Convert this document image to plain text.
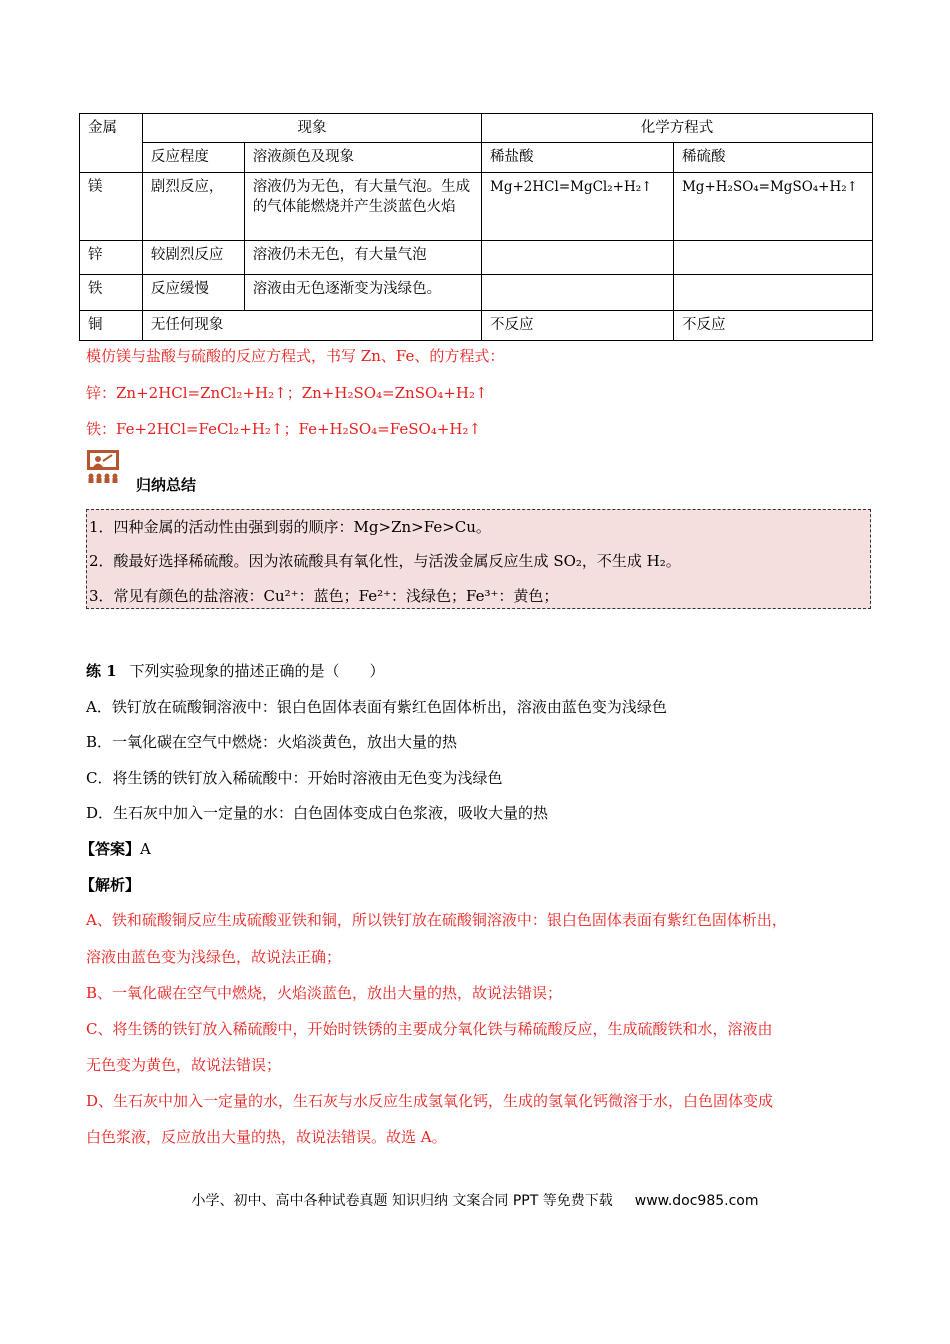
金属	现象		化学方程式	
	反应程度	溶液颜色及现象	稀盐酸	稀硫酸
镁	剧烈反应，	溶液仍为无色，有大量气泡。生成的气体能燃烧并产生淡蓝色火焰	Mg+2HCl=MgCl₂+H₂↑	Mg+H₂SO₄=MgSO₄+H₂↑
锌	较剧烈反应	溶液仍未无色，有大量气泡		
铁	反应缓慢	溶液由无色逐渐变为浅绿色。		
铜	无任何现象		不反应	不反应
模仿镁与盐酸与硫酸的反应方程式，书写 Zn、Fe、的方程式：
锌：Zn+2HCl=ZnCl₂+H₂↑；Zn+H₂SO₄=ZnSO₄+H₂↑
铁：Fe+2HCl=FeCl₂+H₂↑；Fe+H₂SO₄=FeSO₄+H₂↑
归纳总结
1．四种金属的活动性由强到弱的顺序：Mg>Zn>Fe>Cu。
2．酸最好选择稀硫酸。因为浓硫酸具有氧化性，与活泼金属反应生成 SO₂，不生成 H₂。
3．常见有颜色的盐溶液：Cu²⁺：蓝色；Fe²⁺：浅绿色；Fe³⁺：黄色；
练 1 下列实验现象的描述正确的是（　　）
A．铁钉放在硫酸铜溶液中：银白色固体表面有紫红色固体析出，溶液由蓝色变为浅绿色
B．一氧化碳在空气中燃烧：火焰淡黄色，放出大量的热
C．将生锈的铁钉放入稀硫酸中：开始时溶液由无色变为浅绿色
D．生石灰中加入一定量的水：白色固体变成白色浆液，吸收大量的热
【答案】A
【解析】
A、铁和硫酸铜反应生成硫酸亚铁和铜，所以铁钉放在硫酸铜溶液中：银白色固体表面有紫红色固体析出，
溶液由蓝色变为浅绿色，故说法正确；
B、一氧化碳在空气中燃烧，火焰淡蓝色，放出大量的热，故说法错误；
C、将生锈的铁钉放入稀硫酸中，开始时铁锈的主要成分氧化铁与稀硫酸反应，生成硫酸铁和水，溶液由
无色变为黄色，故说法错误；
D、生石灰中加入一定量的水，生石灰与水反应生成氢氧化钙，生成的氢氧化钙微溶于水，白色固体变成
白色浆液，反应放出大量的热，故说法错误。故选 A。
小学、初中、高中各种试卷真题 知识归纳 文案合同 PPT 等免费下载 www.doc985.com
